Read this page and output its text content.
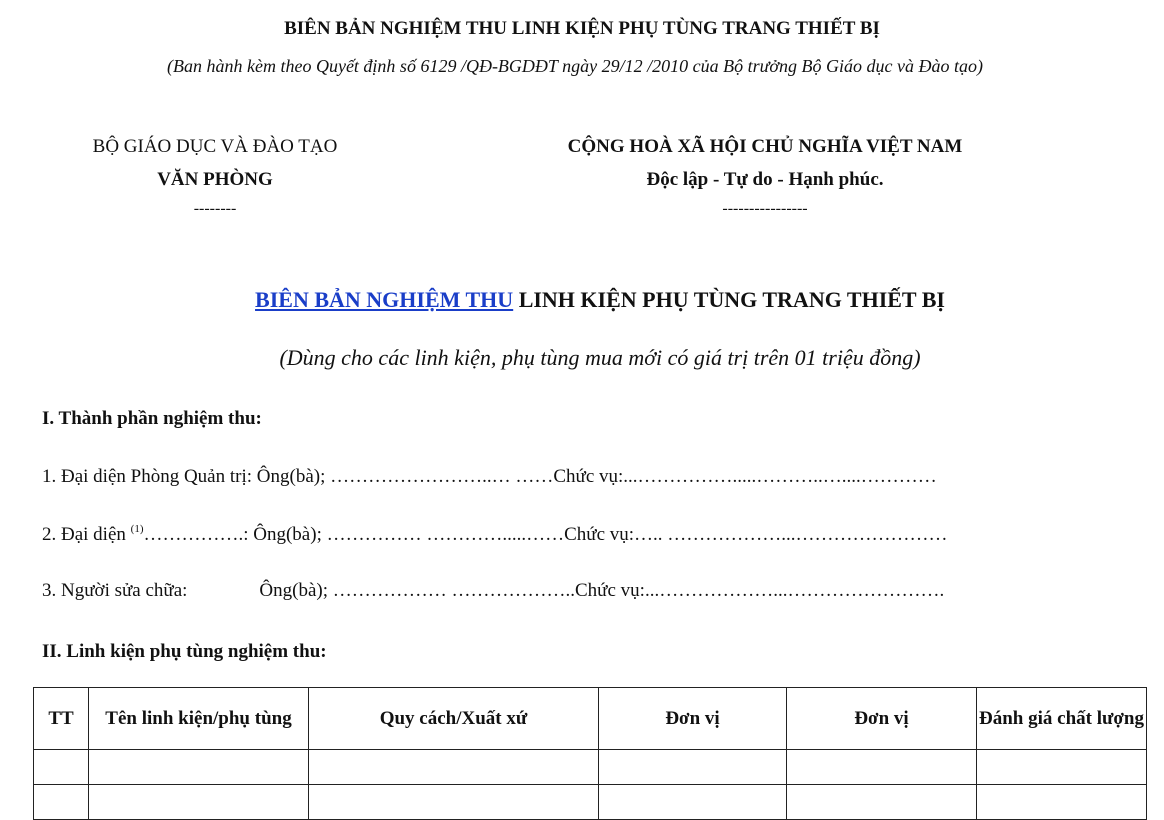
BIÊN BẢN NGHIỆM THU LINH KIỆN PHỤ TÙNG TRANG THIẾT BỊ
(Ban hành kèm theo Quyết định số 6129 /QĐ-BGDĐT ngày 29/12 /2010 của Bộ trưởng Bộ Giáo dục và Đào tạo)
BỘ GIÁO DỤC VÀ ĐÀO TẠO
VĂN PHÒNG
--------
CỘNG HOÀ XÃ HỘI CHỦ NGHĨA VIỆT NAM
Độc lập - Tự do - Hạnh phúc.
----------------
BIÊN BẢN NGHIỆM THU LINH KIỆN PHỤ TÙNG TRANG THIẾT BỊ
(Dùng cho các linh kiện, phụ tùng mua mới có giá trị trên 01 triệu đồng)
I. Thành phần nghiệm thu:
1. Đại diện Phòng Quản trị: Ông(bà); ……………………..… ……Chức vụ:...…………….....………..…....…………
2. Đại diện $^{(1)}$…………….: Ông(bà); …………… ………….....……Chức vụ:….. ………………...……………………
3. Người sửa chữa:	Ông(bà); ……………… ………………..Chức vụ:...………………...…………………….
II. Linh kiện phụ tùng nghiệm thu:
TT	Tên linh kiện/phụ tùng	Quy cách/Xuất xứ	Đơn vị	Đơn vị	Đánh giá chất lượng
